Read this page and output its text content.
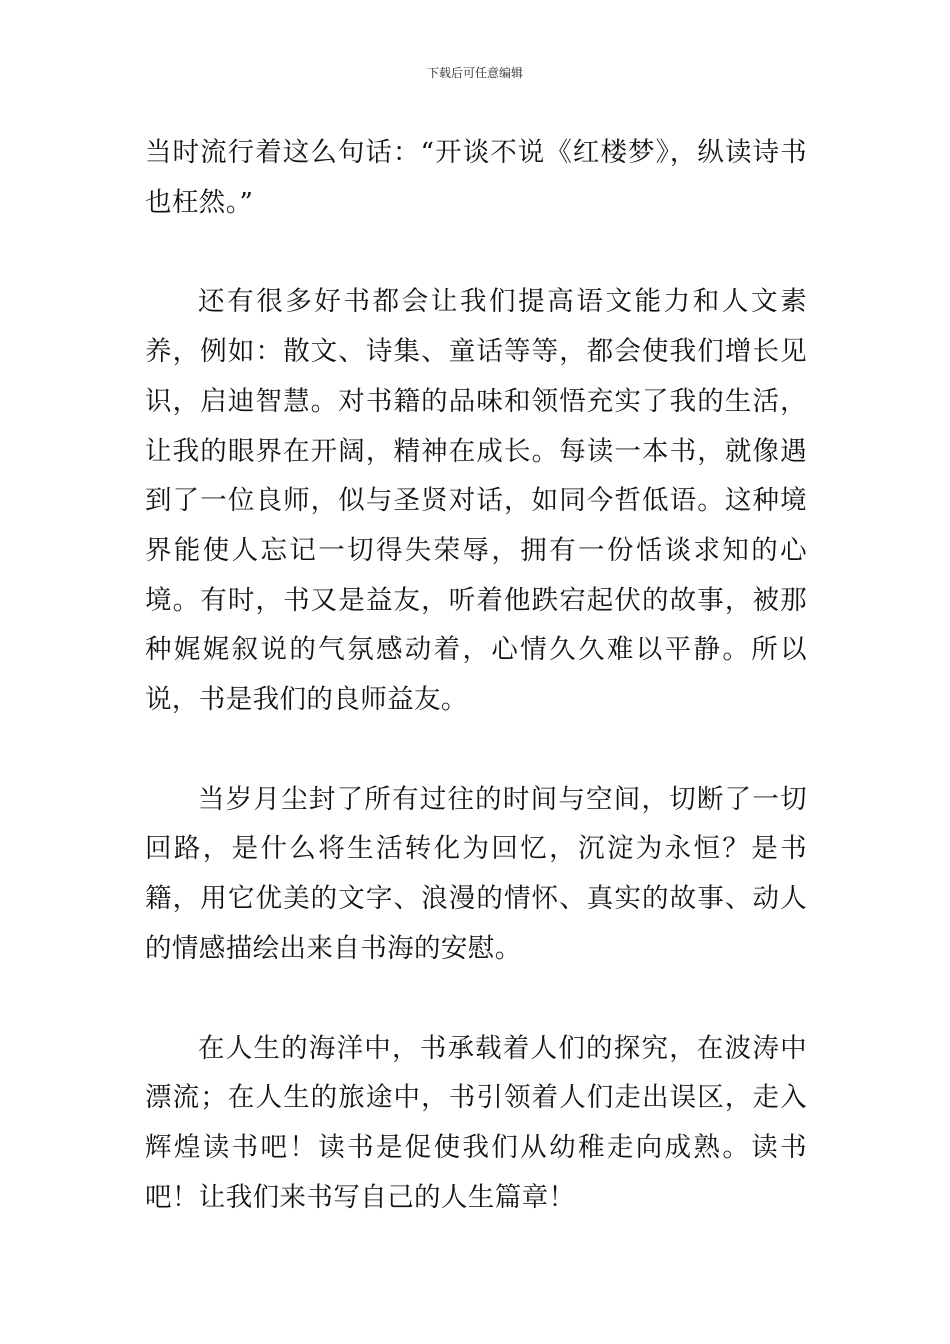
下载后可任意编辑

当时流行着这么句话：“开谈不说《红楼梦》，纵读诗书也枉然。”

还有很多好书都会让我们提高语文能力和人文素养，例如：散文、诗集、童话等等，都会使我们增长见识，启迪智慧。对书籍的品味和领悟充实了我的生活，让我的眼界在开阔，精神在成长。每读一本书，就像遇到了一位良师，似与圣贤对话，如同今哲低语。这种境界能使人忘记一切得失荣辱，拥有一份恬谈求知的心境。有时，书又是益友，听着他跌宕起伏的故事，被那种娓娓叙说的气氛感动着，心情久久难以平静。所以说，书是我们的良师益友。

当岁月尘封了所有过往的时间与空间，切断了一切回路，是什么将生活转化为回忆，沉淀为永恒？是书籍，用它优美的文字、浪漫的情怀、真实的故事、动人的情感描绘出来自书海的安慰。

在人生的海洋中，书承载着人们的探究，在波涛中漂流；在人生的旅途中，书引领着人们走出误区，走入辉煌读书吧！读书是促使我们从幼稚走向成熟。读书吧！让我们来书写自己的人生篇章！
